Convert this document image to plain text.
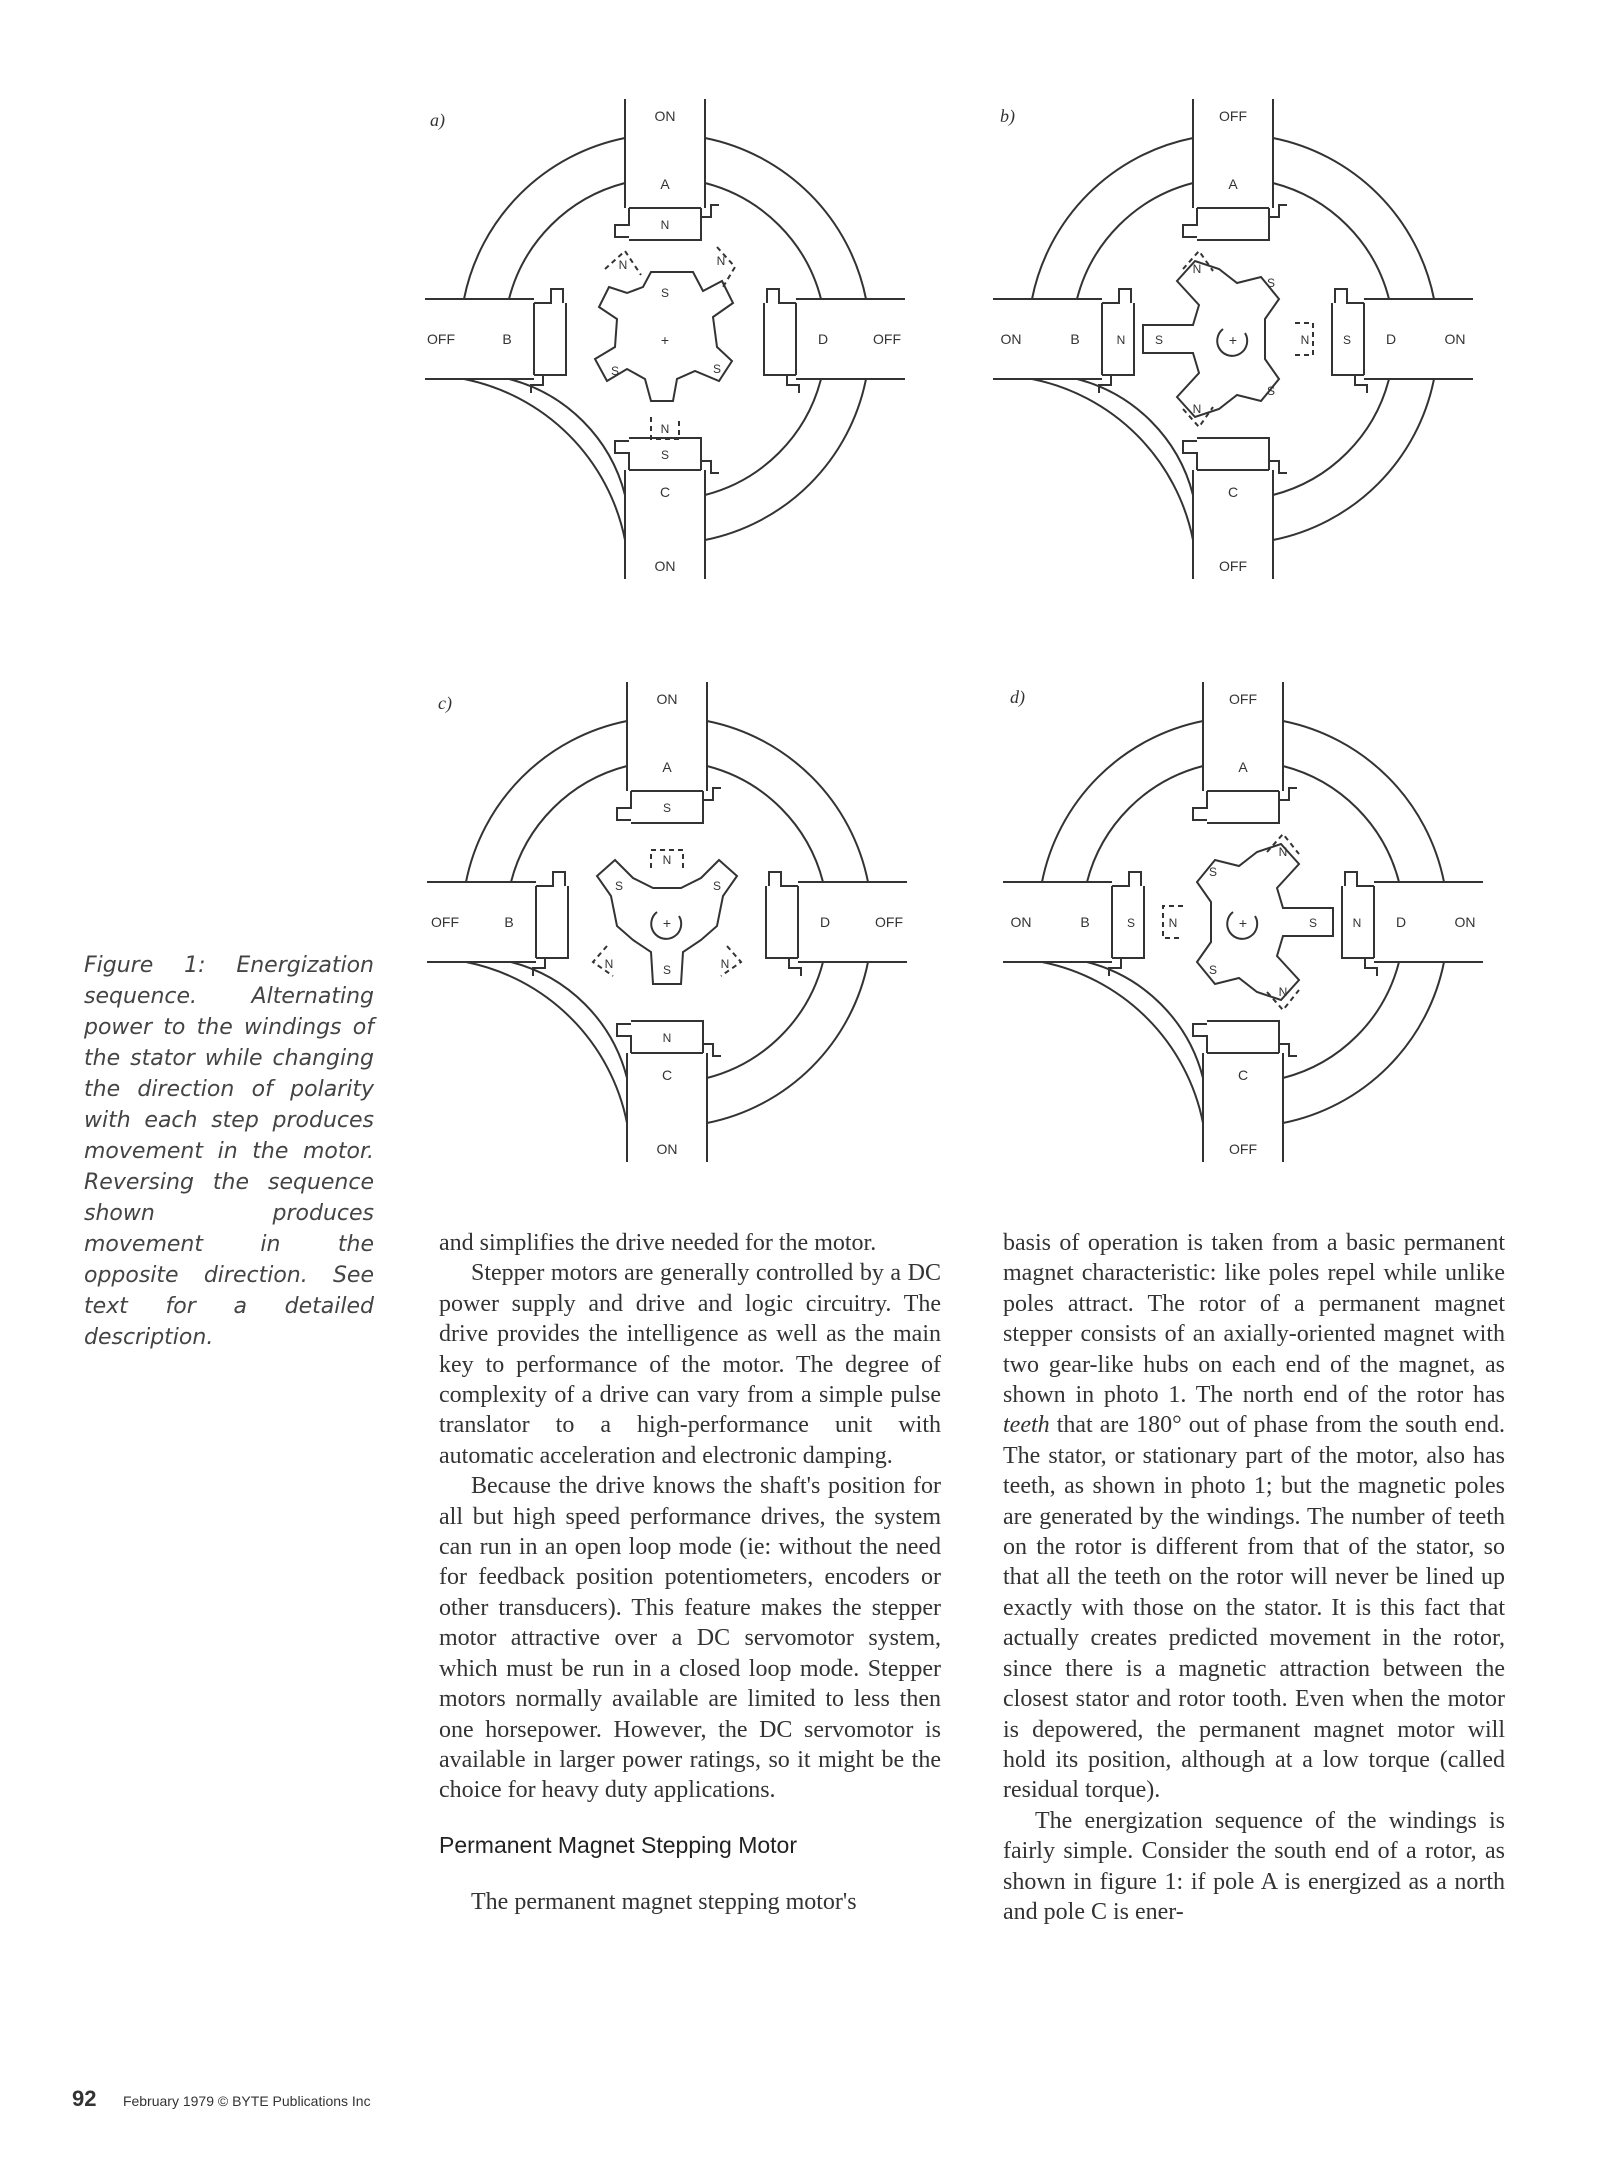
ON
ON
OFF	OFF
A
C
B	D
N
S
S
S	S
N	N
N
+
a)	OFF
OFF
ON	ON
A
C
B	D
N	S
S
S
S
N
N
N
+
b)
ON
ON
OFF	OFF
A
C
B	D
S
N
S	S
S
N
N	N
+
c)	OFF
OFF
ON	ON
A
C
B	D
S	N
S
S
S
N
N
N
+
d)
Figure 1: Energization sequence. Alternating power to the windings of the stator while changing the direction of polarity with each step produces movement in the motor. Reversing the sequence shown produces movement in the opposite direction. See text for a detailed description.

and simplifies the drive needed for the motor.

Stepper motors are generally controlled by a DC power supply and drive and logic circuitry. The drive provides the intelligence as well as the main key to performance of the motor. The degree of complexity of a drive can vary from a simple pulse translator to a high-performance unit with automatic acceleration and electronic damping.

Because the drive knows the shaft's position for all but high speed performance drives, the system can run in an open loop mode (ie: without the need for feedback position potentiometers, encoders or other transducers). This feature makes the stepper motor attractive over a DC servomotor system, which must be run in a closed loop mode. Stepper motors normally available are limited to less then one horsepower. However, the DC servomotor is available in larger power ratings, so it might be the choice for heavy duty applications.

Permanent Magnet Stepping Motor

The permanent magnet stepping motor's

basis of operation is taken from a basic permanent magnet characteristic: like poles repel while unlike poles attract. The rotor of a permanent magnet stepper consists of an axially-oriented magnet with two gear-like hubs on each end of the magnet, as shown in photo 1. The north end of the rotor has teeth that are 180° out of phase from the south end. The stator, or stationary part of the motor, also has teeth, as shown in photo 1; but the magnetic poles are generated by the windings. The number of teeth on the rotor is different from that of the stator, so that all the teeth on the rotor will never be lined up exactly with those on the stator. It is this fact that actually creates predicted movement in the rotor, since there is a magnetic attraction between the closest stator and rotor tooth. Even when the motor is depowered, the permanent magnet motor will hold its position, although at a low torque (called residual torque).

The energization sequence of the windings is fairly simple. Consider the south end of a rotor, as shown in figure 1: if pole A is energized as a north and pole C is ener-

92 February 1979 © BYTE Publications Inc
